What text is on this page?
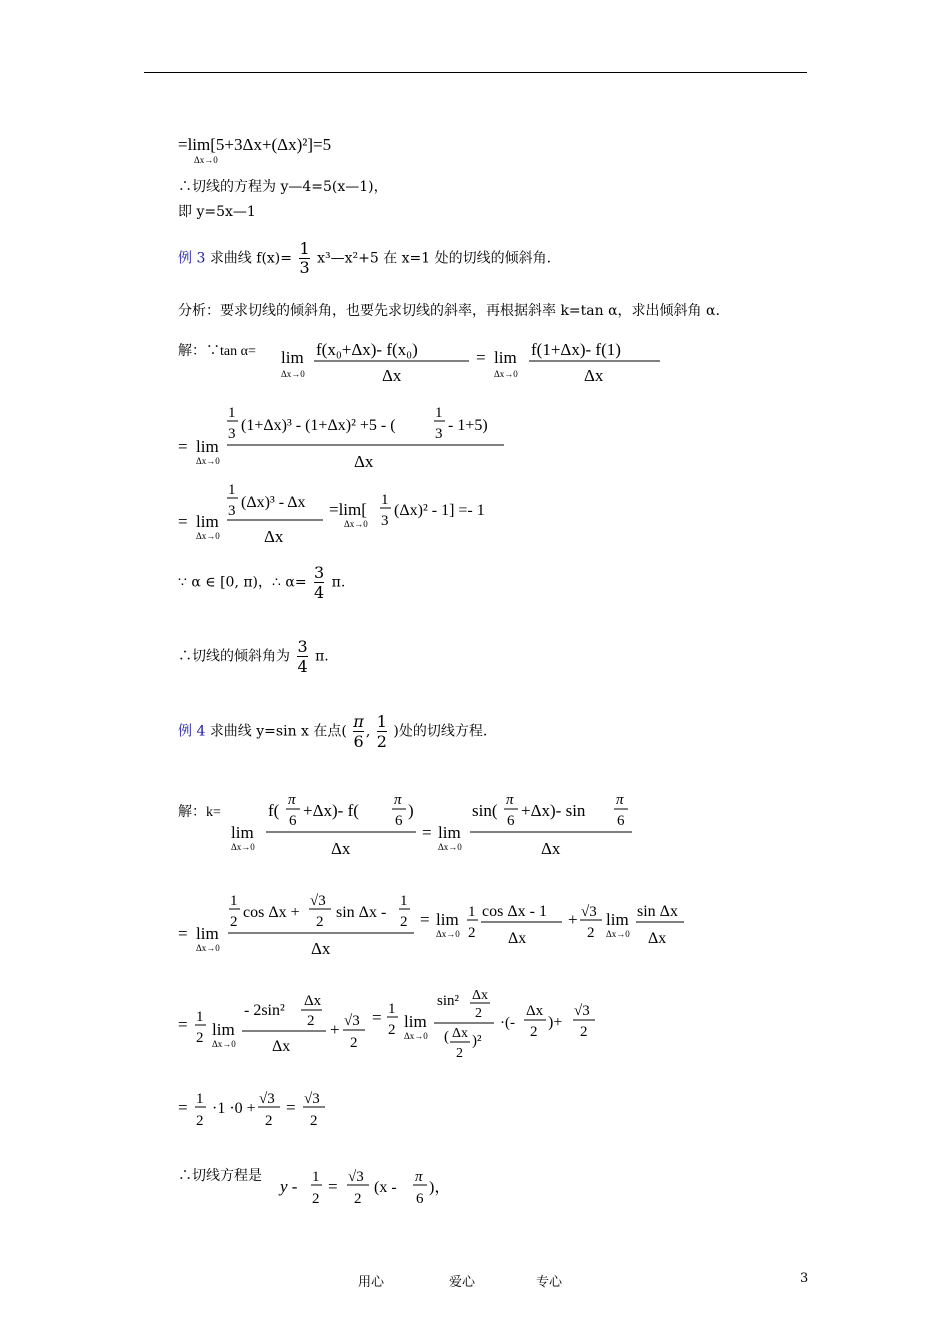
=lim[5+3Δx+(Δx)²]=5
Δx→0
∴切线的方程为 y—4=5(x—1)，
即 y=5x—1
例 3 求曲线 $f(x)= \frac{1}{3}$ x³—x²+5 在 x=1 处的切线的倾斜角.
分析：要求切线的倾斜角，也要先求切线的斜率，再根据斜率 k=tan α，求出倾斜角 α.
解：∵tan α= lim
Δx→0
f(x₀+Δx)- f(x₀)
Δx
= lim
Δx→0
f(1+Δx)- f(1)
Δx
= lim
Δx→0
1
3 (1+Δx)³ - (1+Δx)² +5 - (
1
3 - 1+5)
Δx
= lim
Δx→0
1
3 (Δx)³ - Δx
Δx
=lim[
Δx→0
1
3
(Δx)² - 1] =- 1
∵ α ∈ [0, π)，∴ $\alpha= \frac{3}{4} \pi$.
∴切线的倾斜角为 $\frac{3}{4} \pi$.
例 4 求曲线 y=sin x 在点( $\frac{\pi}{6}$ , $\frac{1}{2}$ )处的切线方程.
解：k=
lim
Δx→0
f(
π
6
+Δx)- f(
π
6
)
Δx
= lim
Δx→0
sin(
π
6
+Δx)- sin
π
6
Δx
= lim
Δx→0
1
2
cos Δx +
√3
2
sin Δx -
1
2
Δx
= lim
Δx→0
1
2
cos Δx - 1
Δx
+ √3
2
lim
Δx→0
sin Δx
Δx
= 1
2 lim
Δx→0
- 2sin²
Δx
2
Δx
+ √3
2
= 1
2 lim
Δx→0
sin² Δx
2
( Δx
2
)²
·(-
Δx
2
)+
√3
2
= 1
2
·1 ·0 +
√3
2
= √3
2
∴切线方程是
y - 1
2
= √3
2
(x -
π
6
)，
用心	爱心	专心	3
